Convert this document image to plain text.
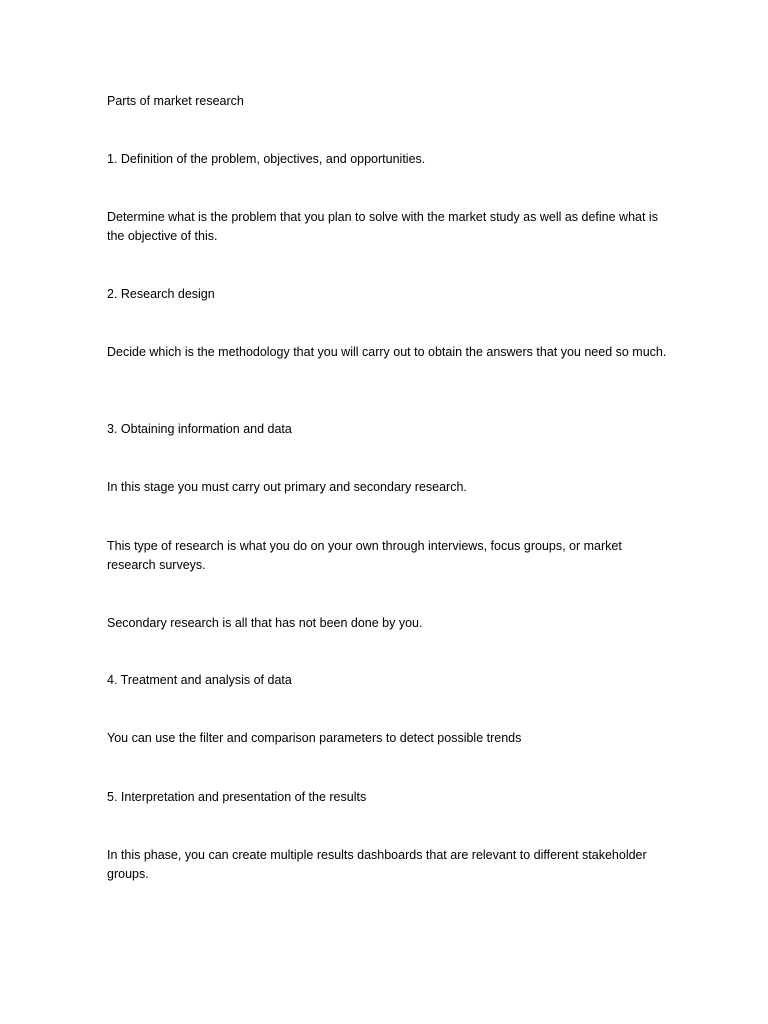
Parts of market research

1. Definition of the problem, objectives, and opportunities.

Determine what is the problem that you plan to solve with the market study as well as define what is the objective of this.

2. Research design

Decide which is the methodology that you will carry out to obtain the answers that you need so much.

3. Obtaining information and data

In this stage you must carry out primary and secondary research.

This type of research is what you do on your own through interviews, focus groups, or market research surveys.

Secondary research is all that has not been done by you.

4. Treatment and analysis of data

You can use the filter and comparison parameters to detect possible trends

5. Interpretation and presentation of the results

In this phase, you can create multiple results dashboards that are relevant to different stakeholder groups.
